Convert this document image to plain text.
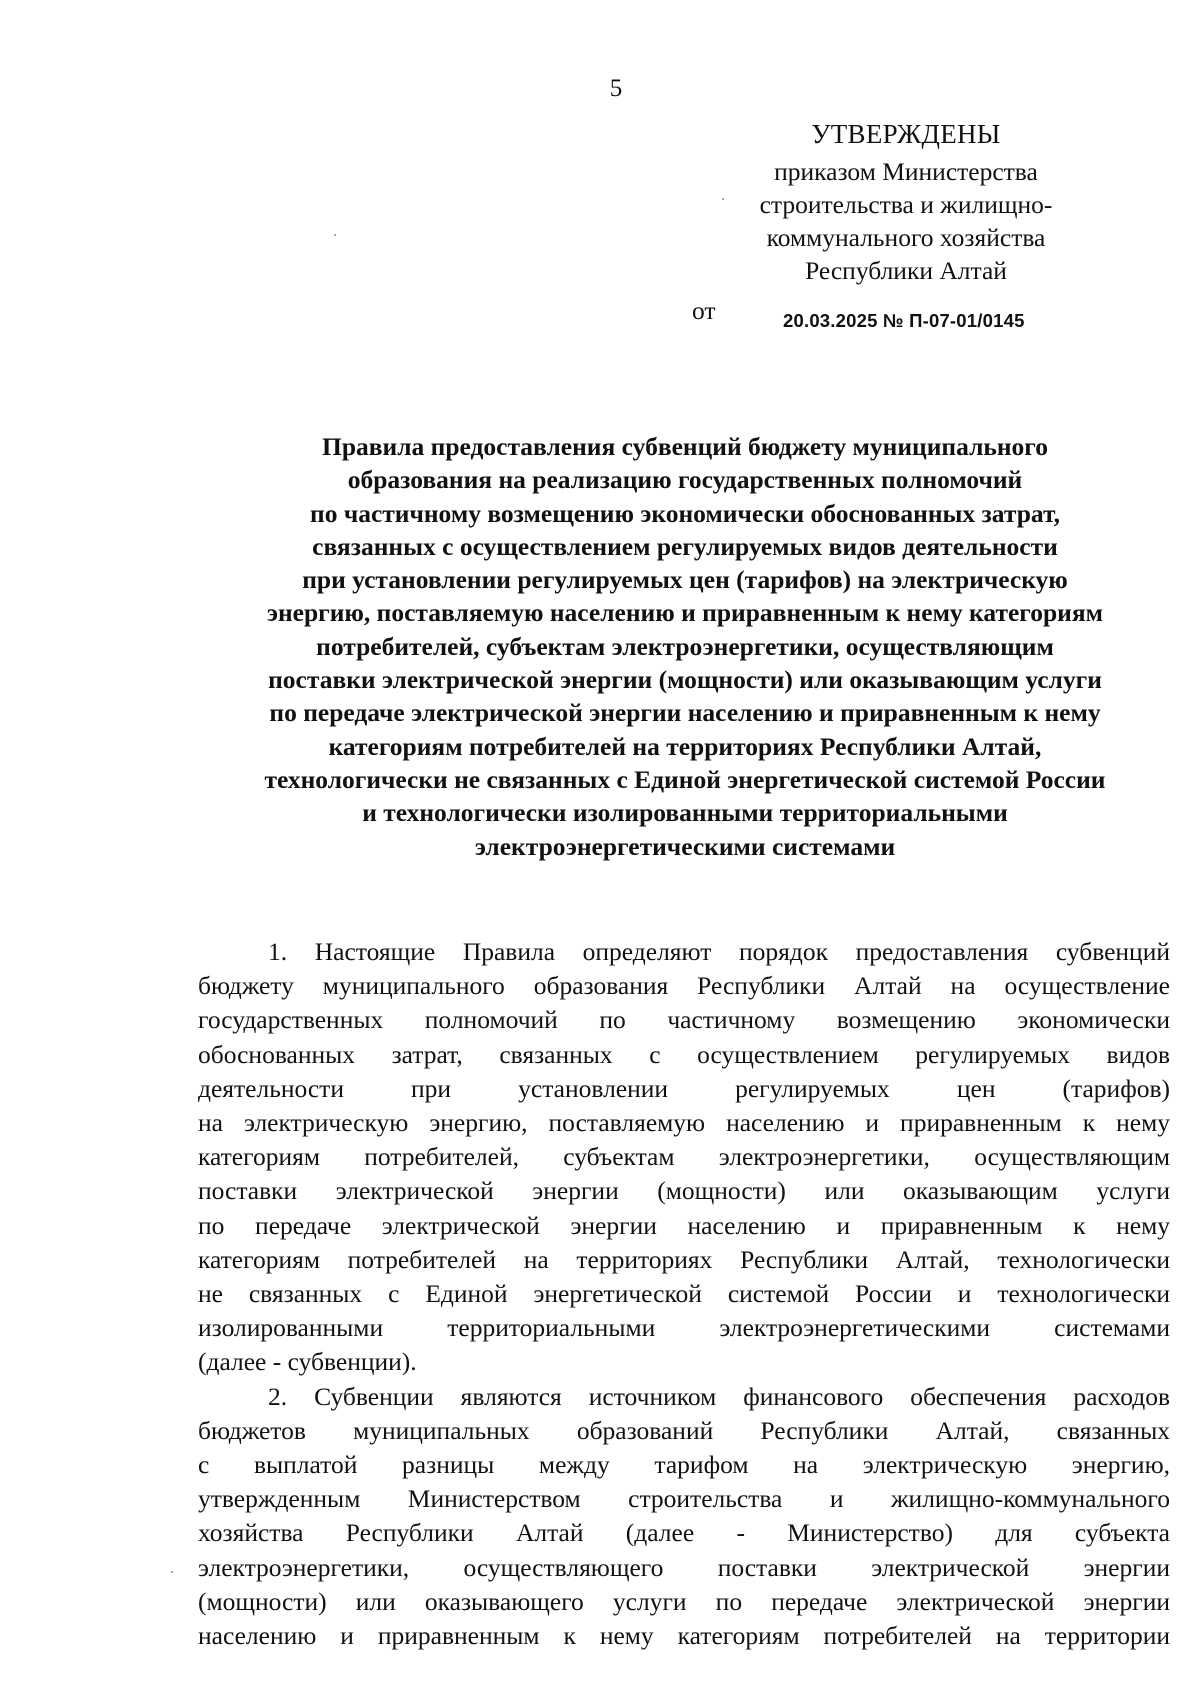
5
УТВЕРЖДЕНЫ
приказом Министерства
строительства и жилищно-
коммунального хозяйства
Республики Алтай
от	20.03.2025 № П-07-01/0145
Правила предоставления субвенций бюджету муниципального
образования на реализацию государственных полномочий
по частичному возмещению экономически обоснованных затрат,
связанных с осуществлением регулируемых видов деятельности
при установлении регулируемых цен (тарифов) на электрическую
энергию, поставляемую населению и приравненным к нему категориям
потребителей, субъектам электроэнергетики, осуществляющим
поставки электрической энергии (мощности) или оказывающим услуги
по передаче электрической энергии населению и приравненным к нему
категориям потребителей на территориях Республики Алтай,
технологически не связанных с Единой энергетической системой России
и технологически изолированными территориальными
электроэнергетическими системами
1. Настоящие Правила определяют порядок предоставления субвенций
бюджету муниципального образования Республики Алтай на осуществление
государственных полномочий по частичному возмещению экономически
обоснованных затрат, связанных с осуществлением регулируемых видов
деятельности при установлении регулируемых цен (тарифов)
на электрическую энергию, поставляемую населению и приравненным к нему
категориям потребителей, субъектам электроэнергетики, осуществляющим
поставки электрической энергии (мощности) или оказывающим услуги
по передаче электрической энергии населению и приравненным к нему
категориям потребителей на территориях Республики Алтай, технологически
не связанных с Единой энергетической системой России и технологически
изолированными территориальными электроэнергетическими системами
(далее - субвенции).
2. Субвенции являются источником финансового обеспечения расходов
бюджетов муниципальных образований Республики Алтай, связанных
с выплатой разницы между тарифом на электрическую энергию,
утвержденным Министерством строительства и жилищно-коммунального
хозяйства Республики Алтай (далее - Министерство) для субъекта
электроэнергетики, осуществляющего поставки электрической энергии
(мощности) или оказывающего услуги по передаче электрической энергии
населению и приравненным к нему категориям потребителей на территории
